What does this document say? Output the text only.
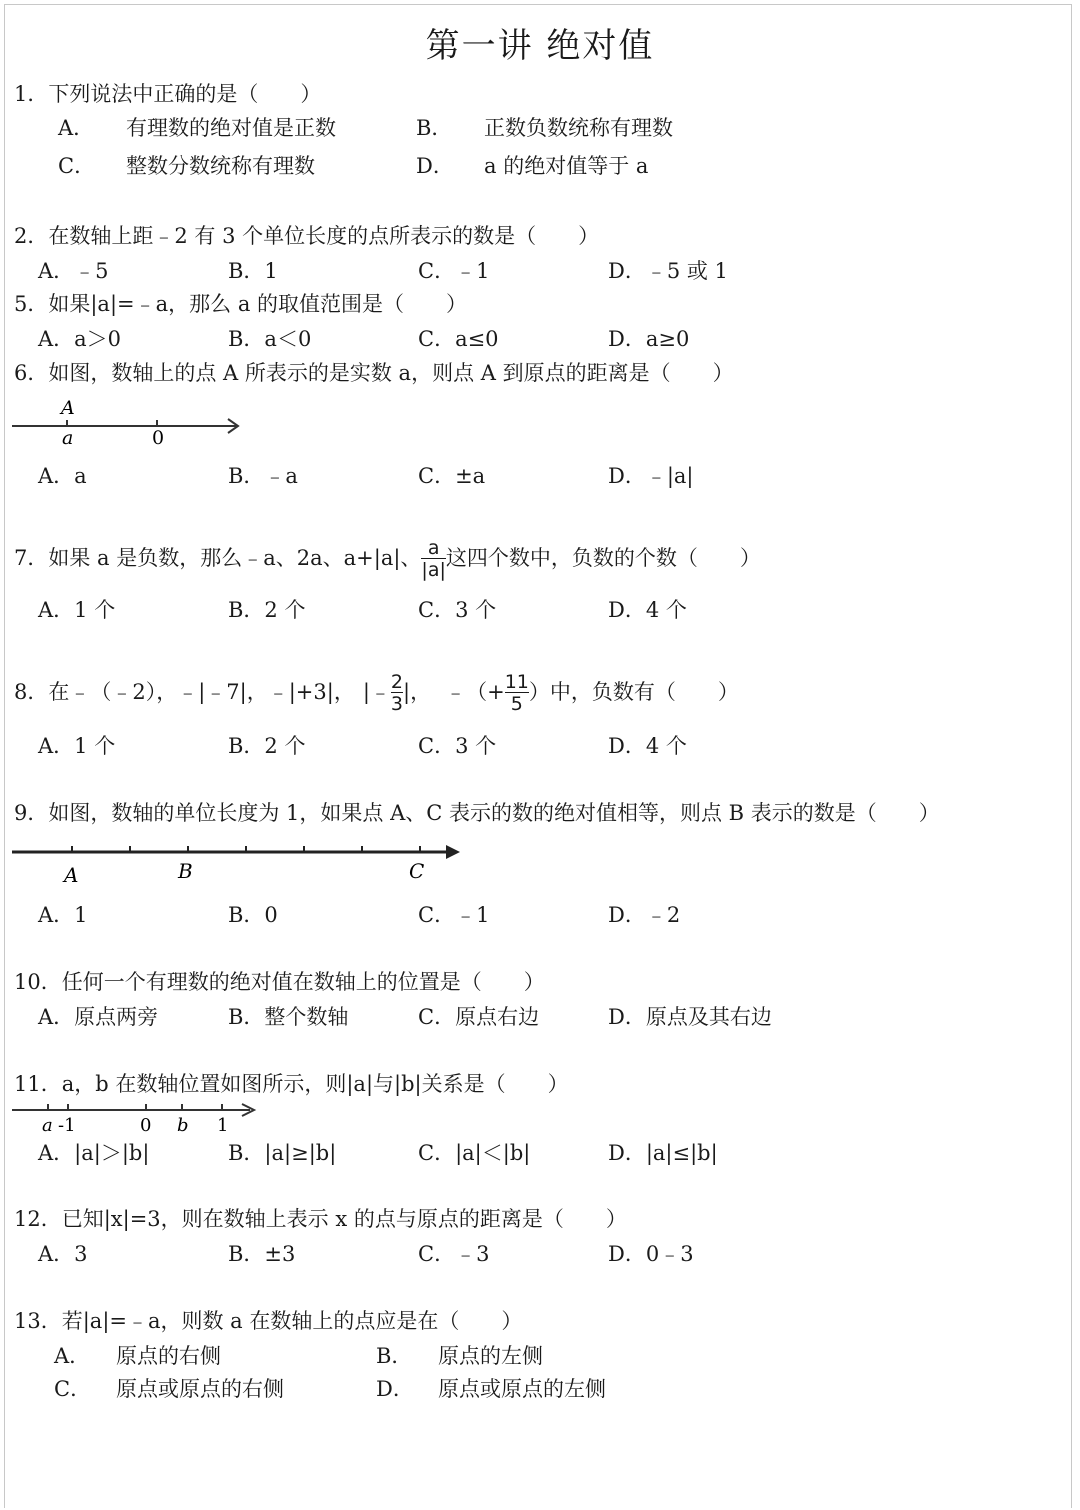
第一讲 绝对值
1．下列说法中正确的是（　　）
A． 有理数的绝对值是正数	B． 正数负数统称有理数
C． 整数分数统称有理数	D． a 的绝对值等于 a
2．在数轴上距﹣2 有 3 个单位长度的点所表示的数是（　　）
A．﹣5	B．1	C．﹣1	D．﹣5 或 1
5．如果|a|=﹣a，那么 a 的取值范围是（　　）
A．a＞0	B．a＜0	C．a≤0	D．a≥0
6．如图，数轴上的点 A 所表示的是实数 a，则点 A 到原点的距离是（　　）
A
a	0
A．a	B．﹣a	C．±a	D．﹣|a|
7．如果 a 是负数，那么﹣a、2a、a+|a|、 $\frac{a}{|a|}$ 这四个数中，负数的个数（　　）
A．1 个	B．2 个	C．3 个	D．4 个
8．在﹣（﹣2），﹣|﹣7|，﹣|+3|， |﹣ $\frac{2}{3}$ |， ﹣（+ $\frac{11}{5}$ ）中，负数有（　　）
A．1 个	B．2 个	C．3 个	D．4 个
9．如图，数轴的单位长度为 1，如果点 A、C 表示的数的绝对值相等，则点 B 表示的数是（　　）
A	B	C
A．1	B．0	C．﹣1	D．﹣2
10．任何一个有理数的绝对值在数轴上的位置是（　　）
A．原点两旁	B．整个数轴	C．原点右边	D．原点及其右边
11．a，b 在数轴位置如图所示，则|a|与|b|关系是（　　）
a -1	0 b 1
A．|a|＞|b|	B．|a|≥|b|	C．|a|＜|b|	D．|a|≤|b|
12．已知|x|=3，则在数轴上表示 x 的点与原点的距离是（　　）
A．3	B．±3	C．﹣3	D．0﹣3
13．若|a|=﹣a，则数 a 在数轴上的点应是在（　　）
A． 原点的右侧	B． 原点的左侧
C． 原点或原点的右侧	D． 原点或原点的左侧
